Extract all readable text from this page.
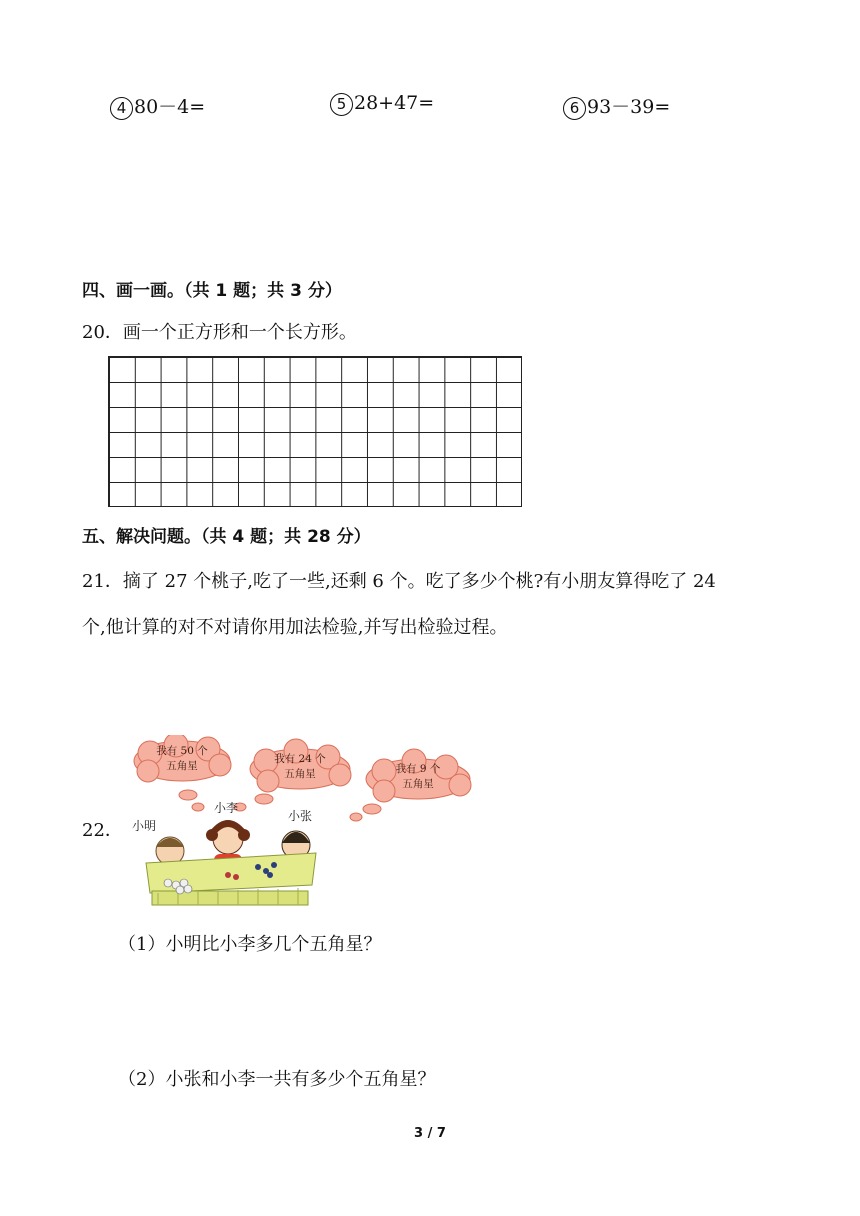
4 80－4=	5 28+47=	6 93－39=
四、画一画。（共 1 题；共 3 分）
20．画一个正方形和一个长方形。
五、解决问题。（共 4 题；共 28 分）
21．摘了 27 个桃子,吃了一些,还剩 6 个。吃了多少个桃?有小朋友算得吃了 24
个,他计算的对不对请你用加法检验,并写出检验过程。
22．
我有 50 个
五角星
我有 24 个
五角星	我有 9 个
五角星
小明
小李
小张
（1）小明比小李多几个五角星？
（2）小张和小李一共有多少个五角星？
3 / 7
